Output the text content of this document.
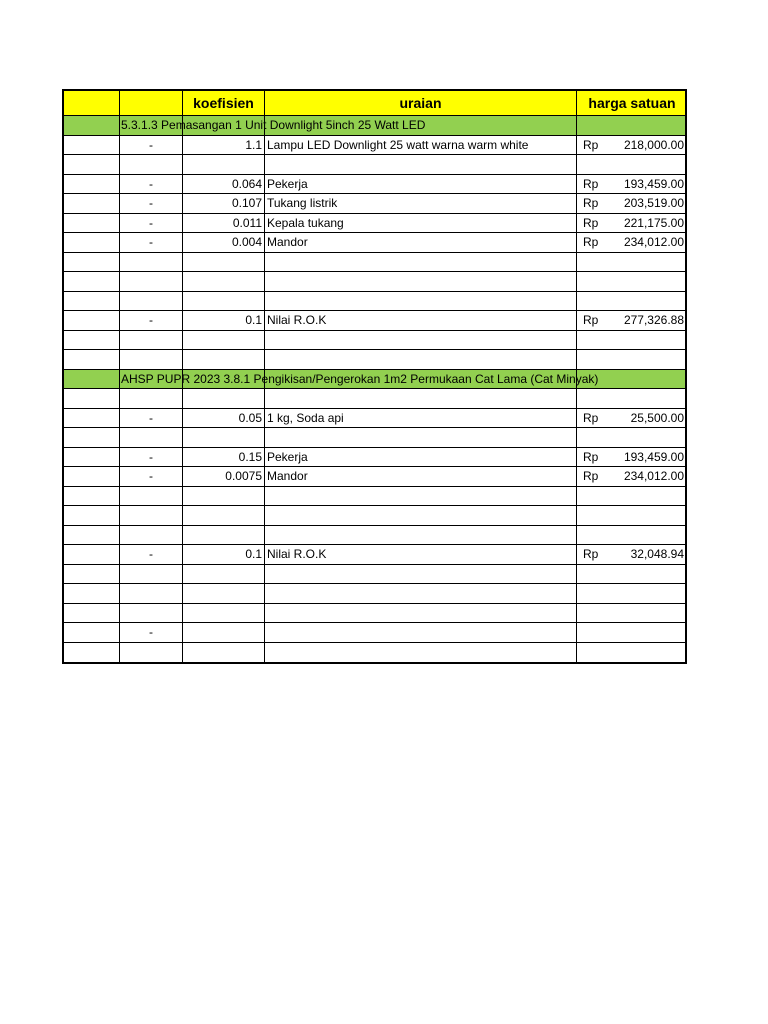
koefisien	uraian	harga satuan
5.3.1.3 Pemasangan 1 Unit Downlight 5inch 25 Watt LED
-	1.1 Lampu LED Downlight 25 watt warna warm white	Rp 218,000.00
-	0.064 Pekerja	Rp 193,459.00
-	0.107 Tukang listrik	Rp 203,519.00
-	0.011 Kepala tukang	Rp 221,175.00
-	0.004 Mandor	Rp 234,012.00
-	0.1 Nilai R.O.K	Rp 277,326.88
AHSP PUPR 2023 3.8.1 Pengikisan/Pengerokan 1m2 Permukaan Cat Lama (Cat Minyak)
-	0.05 1 kg, Soda api	Rp	25,500.00
-	0.15 Pekerja	Rp 193,459.00
-	0.0075 Mandor	Rp 234,012.00
-	0.1 Nilai R.O.K	Rp	32,048.94
-
